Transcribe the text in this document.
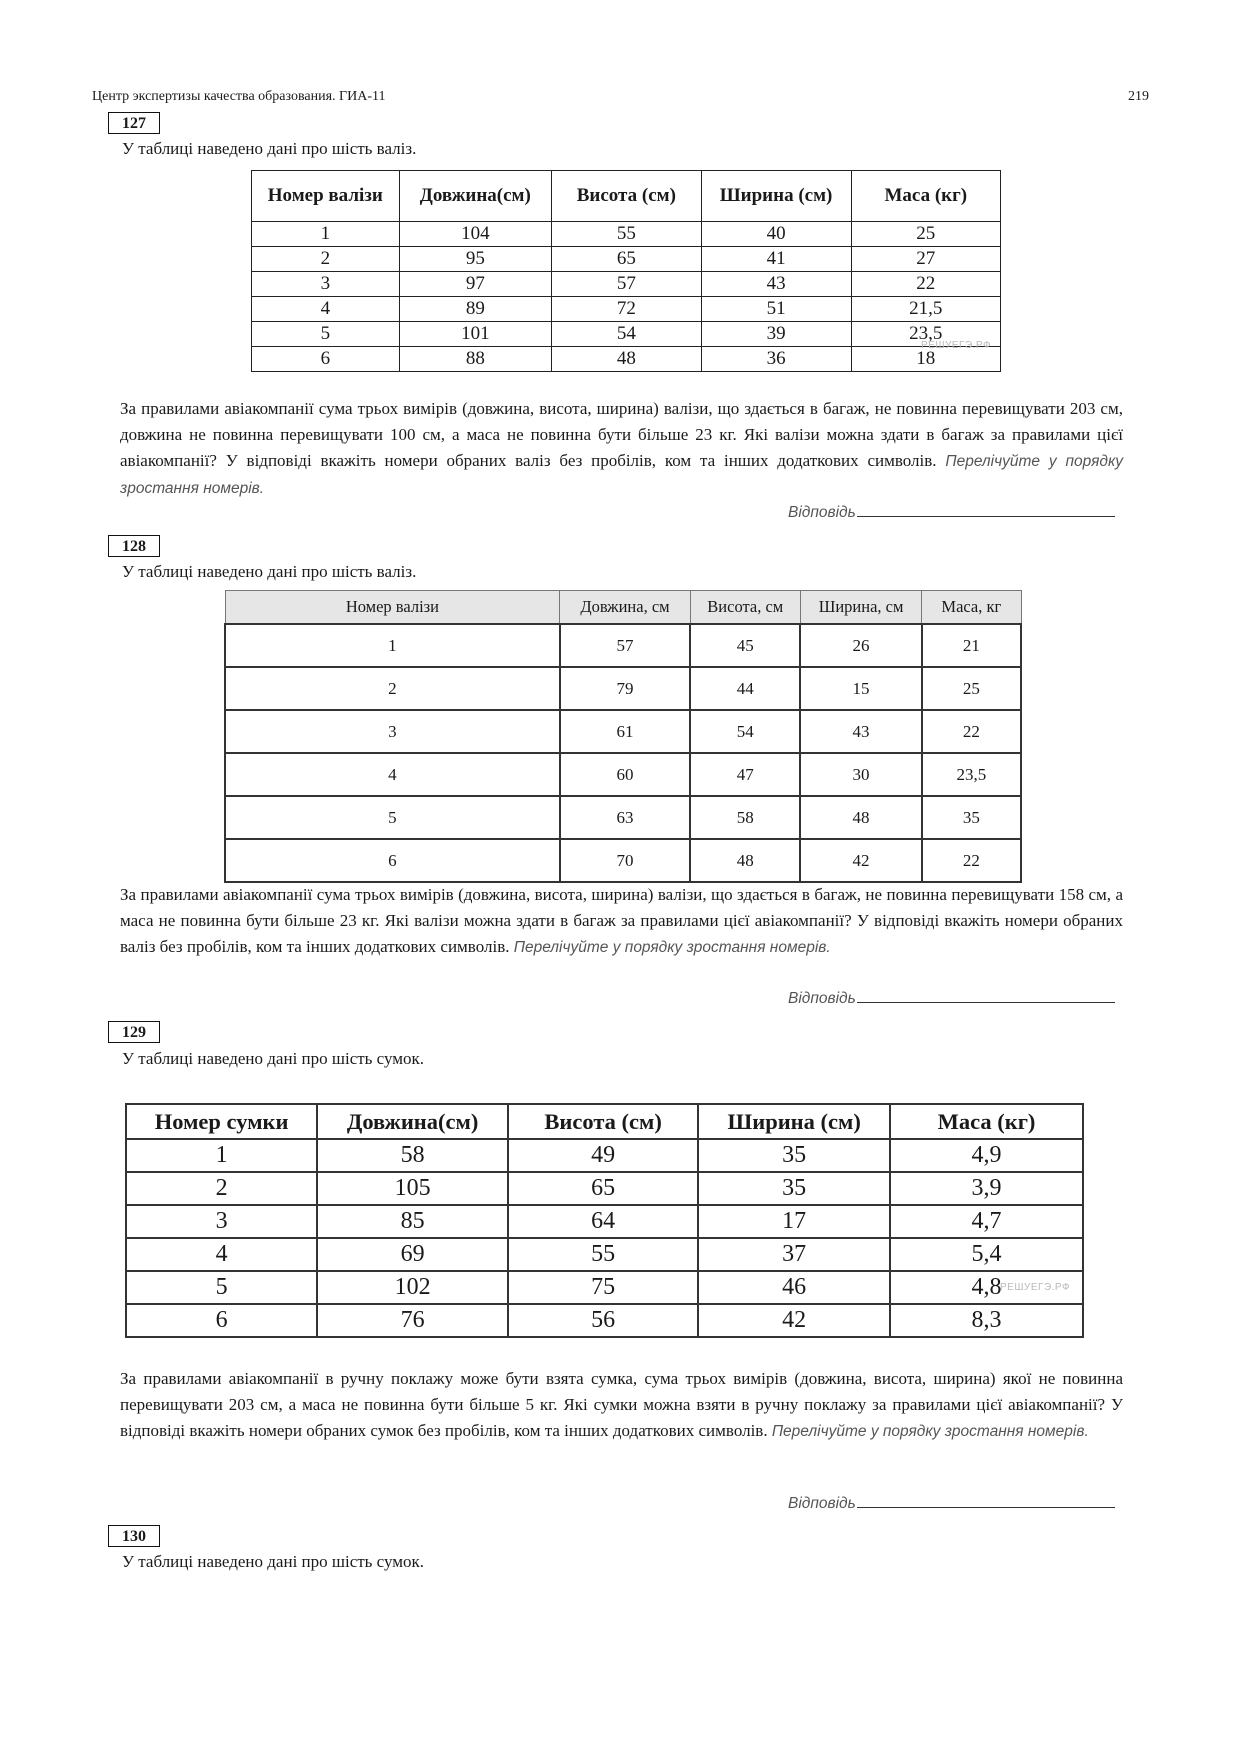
Центр экспертизы качества образования. ГИА-11	219
127
У таблиці наведено дані про шість валіз.
Номер валізи	Довжина(см)	Висота (см)	Ширина (см)	Маса (кг)
1	104	55	40	25
2	95	65	41	27
3	97	57	43	22
4	89	72	51	21,5
5	101	54	39	23,5
6	88	48	36	18
РЕШУЕГЭ.РФ
За правилами авіакомпанії сума трьох вимірів (довжина, висота, ширина) валізи, що здається в багаж, не повинна перевищувати 203 см, довжина не повинна перевищувати 100 см, а маса не повинна бути більше 23 кг. Які валізи можна здати в багаж за правилами цієї авіакомпанії? У відповіді вкажіть номери обраних валіз без пробілів, ком та інших додаткових символів. Перелічуйте у порядку зростання номерів.
Відповідь
128
У таблиці наведено дані про шість валіз.
Номер валізи	Довжина, см	Висота, см	Ширина, см	Маса, кг
1	57	45	26	21
2	79	44	15	25
3	61	54	43	22
4	60	47	30	23,5
5	63	58	48	35
6	70	48	42	22
За правилами авіакомпанії сума трьох вимірів (довжина, висота, ширина) валізи, що здається в багаж, не повинна перевищувати 158 см, а маса не повинна бути більше 23 кг. Які валізи можна здати в багаж за правилами цієї авіакомпанії? У відповіді вкажіть номери обраних валіз без пробілів, ком та інших додаткових символів. Перелічуйте у порядку зростання номерів.
Відповідь
129
У таблиці наведено дані про шість сумок.
Номер сумки	Довжина(см)	Висота (см)	Ширина (см)	Маса (кг)
1	58	49	35	4,9
2	105	65	35	3,9
3	85	64	17	4,7
4	69	55	37	5,4
5	102	75	46	4,8
6	76	56	42	8,3
РЕШУЕГЭ.РФ
За правилами авіакомпанії в ручну поклажу може бути взята сумка, сума трьох вимірів (довжина, висота, ширина) якої не повинна перевищувати 203 см, а маса не повинна бути більше 5 кг. Які сумки можна взяти в ручну поклажу за правилами цієї авіакомпанії? У відповіді вкажіть номери обраних сумок без пробілів, ком та інших додаткових символів. Перелічуйте у порядку зростання номерів.
Відповідь
130
У таблиці наведено дані про шість сумок.
